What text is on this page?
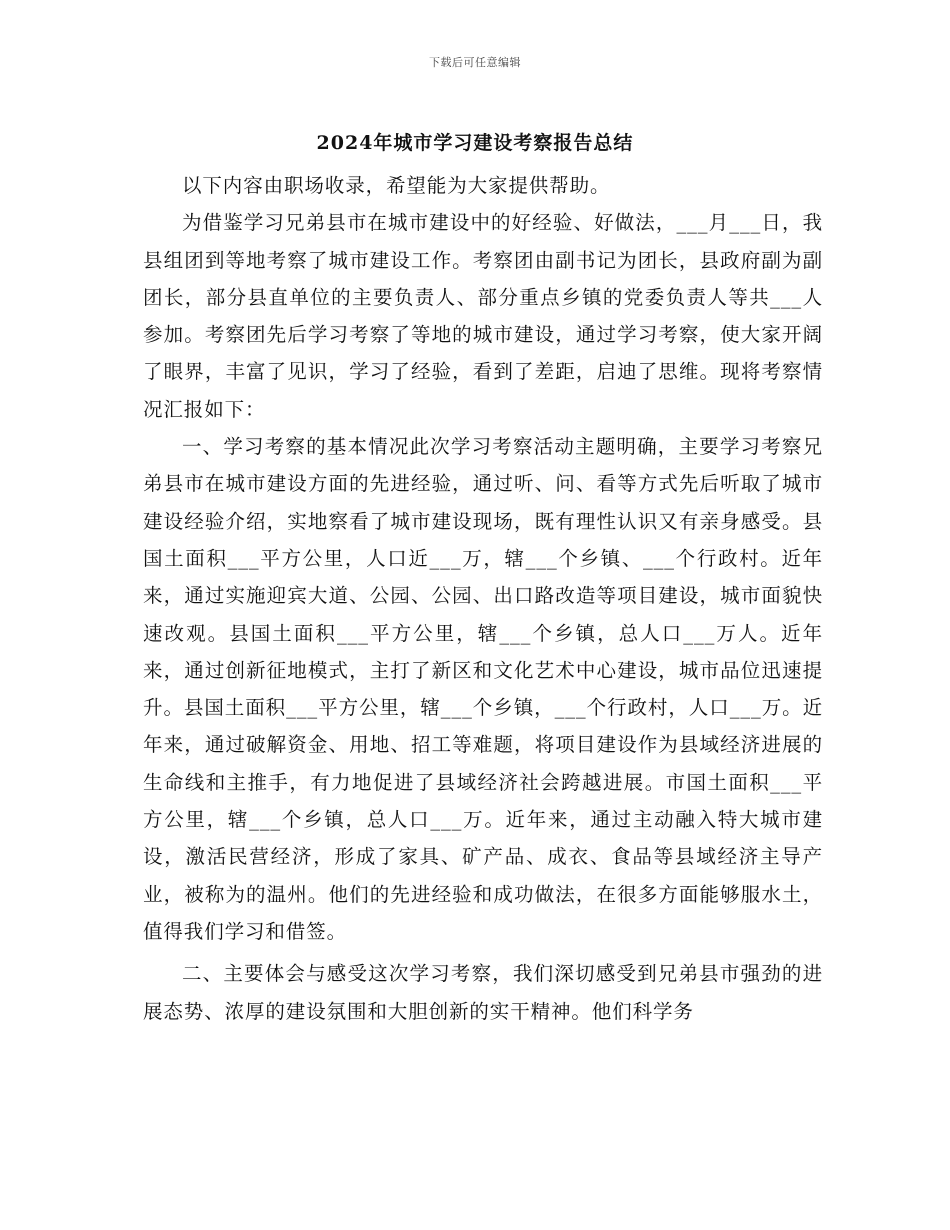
下载后可任意编辑
2024年城市学习建设考察报告总结

以下内容由职场收录，希望能为大家提供帮助。

为借鉴学习兄弟县市在城市建设中的好经验、好做法，___月___日，我县组团到等地考察了城市建设工作。考察团由副书记为团长，县政府副为副团长，部分县直单位的主要负责人、部分重点乡镇的党委负责人等共___人参加。考察团先后学习考察了等地的城市建设，通过学习考察，使大家开阔了眼界，丰富了见识，学习了经验，看到了差距，启迪了思维。现将考察情况汇报如下：

一、学习考察的基本情况此次学习考察活动主题明确，主要学习考察兄弟县市在城市建设方面的先进经验，通过听、问、看等方式先后听取了城市建设经验介绍，实地察看了城市建设现场，既有理性认识又有亲身感受。县国土面积___平方公里，人口近___万，辖___个乡镇、___个行政村。近年来，通过实施迎宾大道、公园、公园、出口路改造等项目建设，城市面貌快速改观。县国土面积___平方公里，辖___个乡镇，总人口___万人。近年来，通过创新征地模式，主打了新区和文化艺术中心建设，城市品位迅速提升。县国土面积___平方公里，辖___个乡镇，___个行政村，人口___万。近年来，通过破解资金、用地、招工等难题，将项目建设作为县域经济进展的生命线和主推手，有力地促进了县域经济社会跨越进展。市国土面积___平方公里，辖___个乡镇，总人口___万。近年来，通过主动融入特大城市建设，激活民营经济，形成了家具、矿产品、成衣、食品等县域经济主导产业，被称为的温州。他们的先进经验和成功做法，在很多方面能够服水土，值得我们学习和借签。

二、主要体会与感受这次学习考察，我们深切感受到兄弟县市强劲的进展态势、浓厚的建设氛围和大胆创新的实干精神。他们科学务
